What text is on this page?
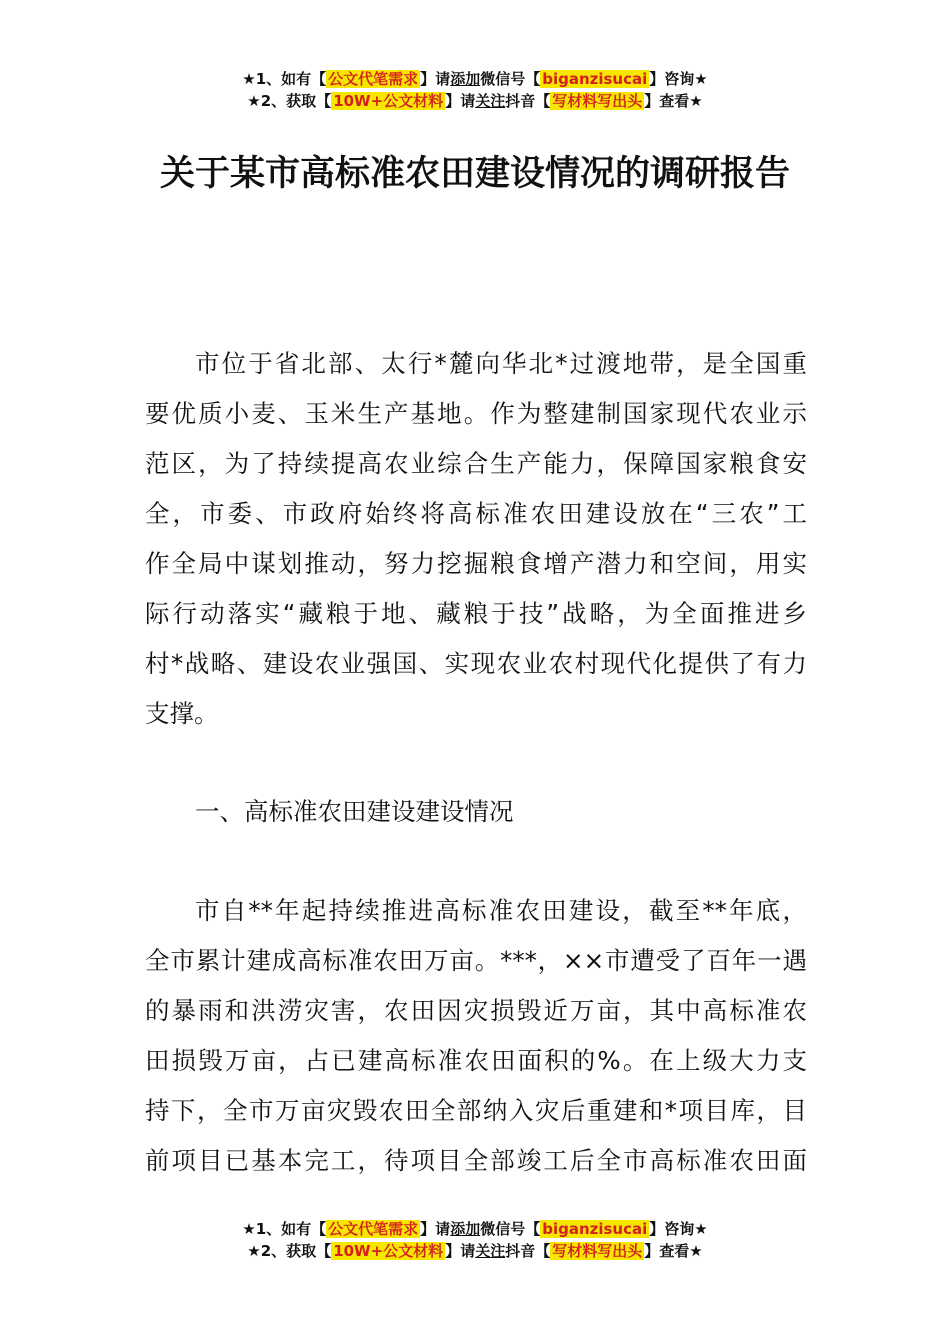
★1、如有【 公文代笔需求 】请添加微信号【 biganzisucai 】咨询★
★2、获取【 10W+公文材料 】请关注抖音【 写材料写出头 】查看★
关于某市高标准农田建设情况的调研报告
市位于省北部、太行*麓向华北*过渡地带，是全国重
要优质小麦、玉米生产基地。作为整建制国家现代农业示
范区，为了持续提高农业综合生产能力，保障国家粮食安
全，市委、市政府始终将高标准农田建设放在“三农”工
作全局中谋划推动，努力挖掘粮食增产潜力和空间，用实
际行动落实“藏粮于地、藏粮于技”战略，为全面推进乡
村*战略、建设农业强国、实现农业农村现代化提供了有力
支撑。
一、高标准农田建设建设情况
市自**年起持续推进高标准农田建设，截至**年底，
全市累计建成高标准农田万亩。***，××市遭受了百年一遇
的暴雨和洪涝灾害，农田因灾损毁近万亩，其中高标准农
田损毁万亩，占已建高标准农田面积的%。在上级大力支
持下，全市万亩灾毁农田全部纳入灾后重建和*项目库，目
前项目已基本完工，待项目全部竣工后全市高标准农田面
★1、如有【 公文代笔需求 】请添加微信号【 biganzisucai 】咨询★
★2、获取【 10W+公文材料 】请关注抖音【 写材料写出头 】查看★
